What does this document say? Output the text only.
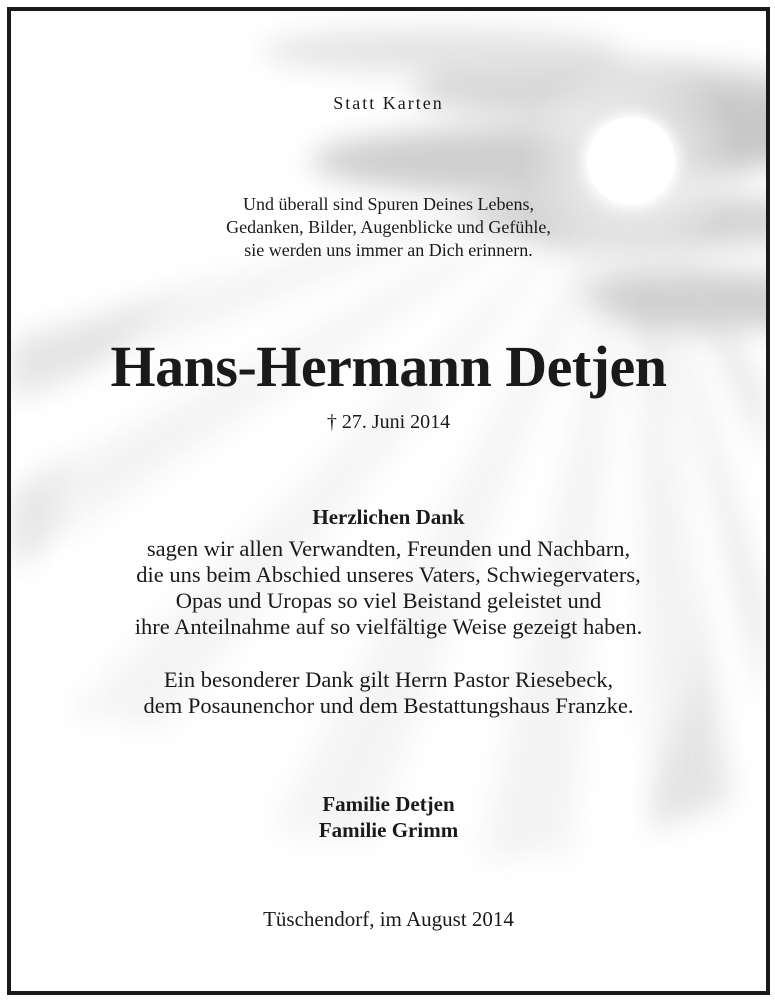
Statt Karten
Und überall sind Spuren Deines Lebens,
Gedanken, Bilder, Augenblicke und Gefühle,
sie werden uns immer an Dich erinnern.
Hans-Hermann Detjen
† 27. Juni 2014
Herzlichen Dank
sagen wir allen Verwandten, Freunden und Nachbarn,
die uns beim Abschied unseres Vaters, Schwiegervaters,
Opas und Uropas so viel Beistand geleistet und
ihre Anteilnahme auf so vielfältige Weise gezeigt haben.
Ein besonderer Dank gilt Herrn Pastor Riesebeck,
dem Posaunenchor und dem Bestattungshaus Franzke.
Familie Detjen
Familie Grimm
Tüschendorf, im August 2014
